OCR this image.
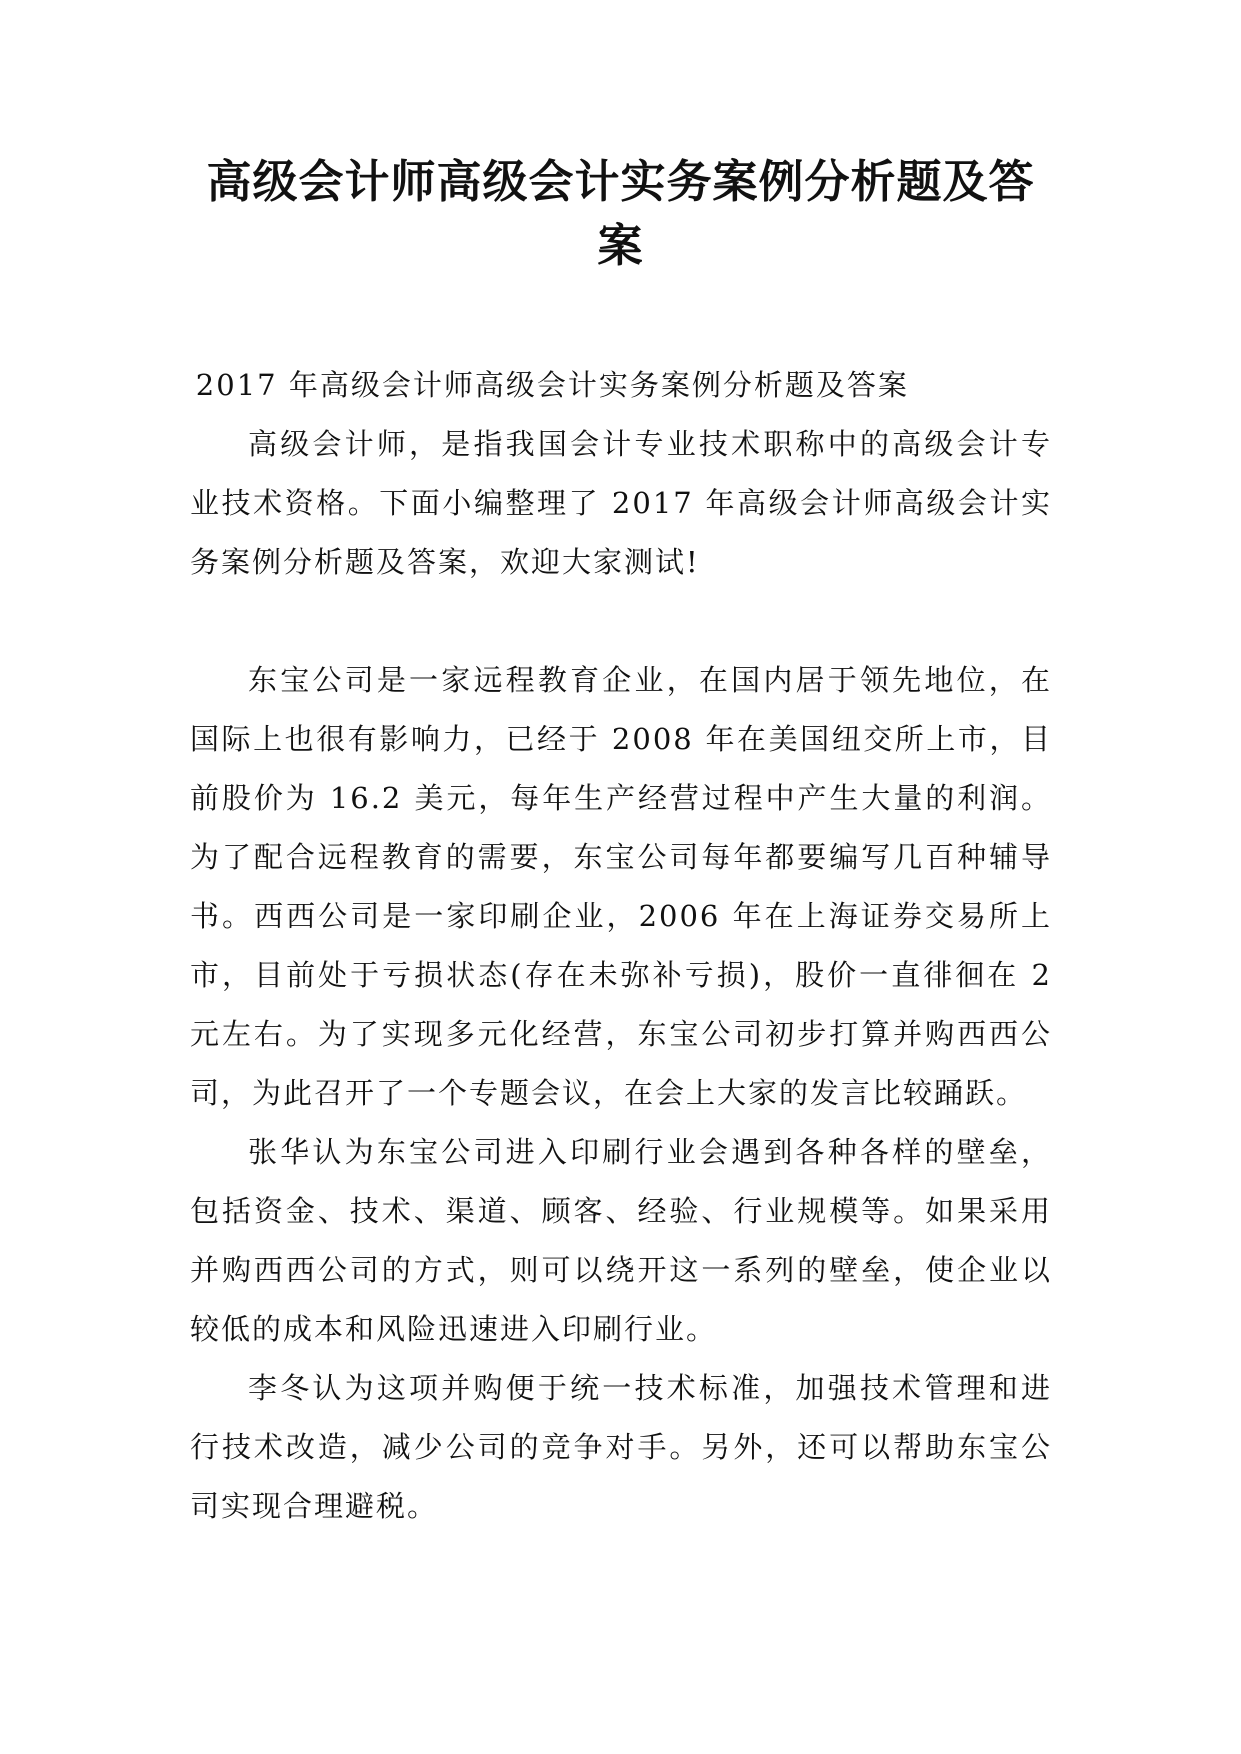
高级会计师高级会计实务案例分析题及答
案

2017 年高级会计师高级会计实务案例分析题及答案

高级会计师，是指我国会计专业技术职称中的高级会计专业技术资格。下面小编整理了 2017 年高级会计师高级会计实务案例分析题及答案，欢迎大家测试!

东宝公司是一家远程教育企业，在国内居于领先地位，在国际上也很有影响力，已经于 2008 年在美国纽交所上市，目前股价为 16.2 美元，每年生产经营过程中产生大量的利润。为了配合远程教育的需要，东宝公司每年都要编写几百种辅导书。西西公司是一家印刷企业，2006 年在上海证券交易所上市，目前处于亏损状态(存在未弥补亏损)，股价一直徘徊在 2 元左右。为了实现多元化经营，东宝公司初步打算并购西西公司，为此召开了一个专题会议，在会上大家的发言比较踊跃。

张华认为东宝公司进入印刷行业会遇到各种各样的壁垒，包括资金、技术、渠道、顾客、经验、行业规模等。如果采用并购西西公司的方式，则可以绕开这一系列的壁垒，使企业以较低的成本和风险迅速进入印刷行业。

李冬认为这项并购便于统一技术标准，加强技术管理和进行技术改造，减少公司的竞争对手。另外，还可以帮助东宝公司实现合理避税。
